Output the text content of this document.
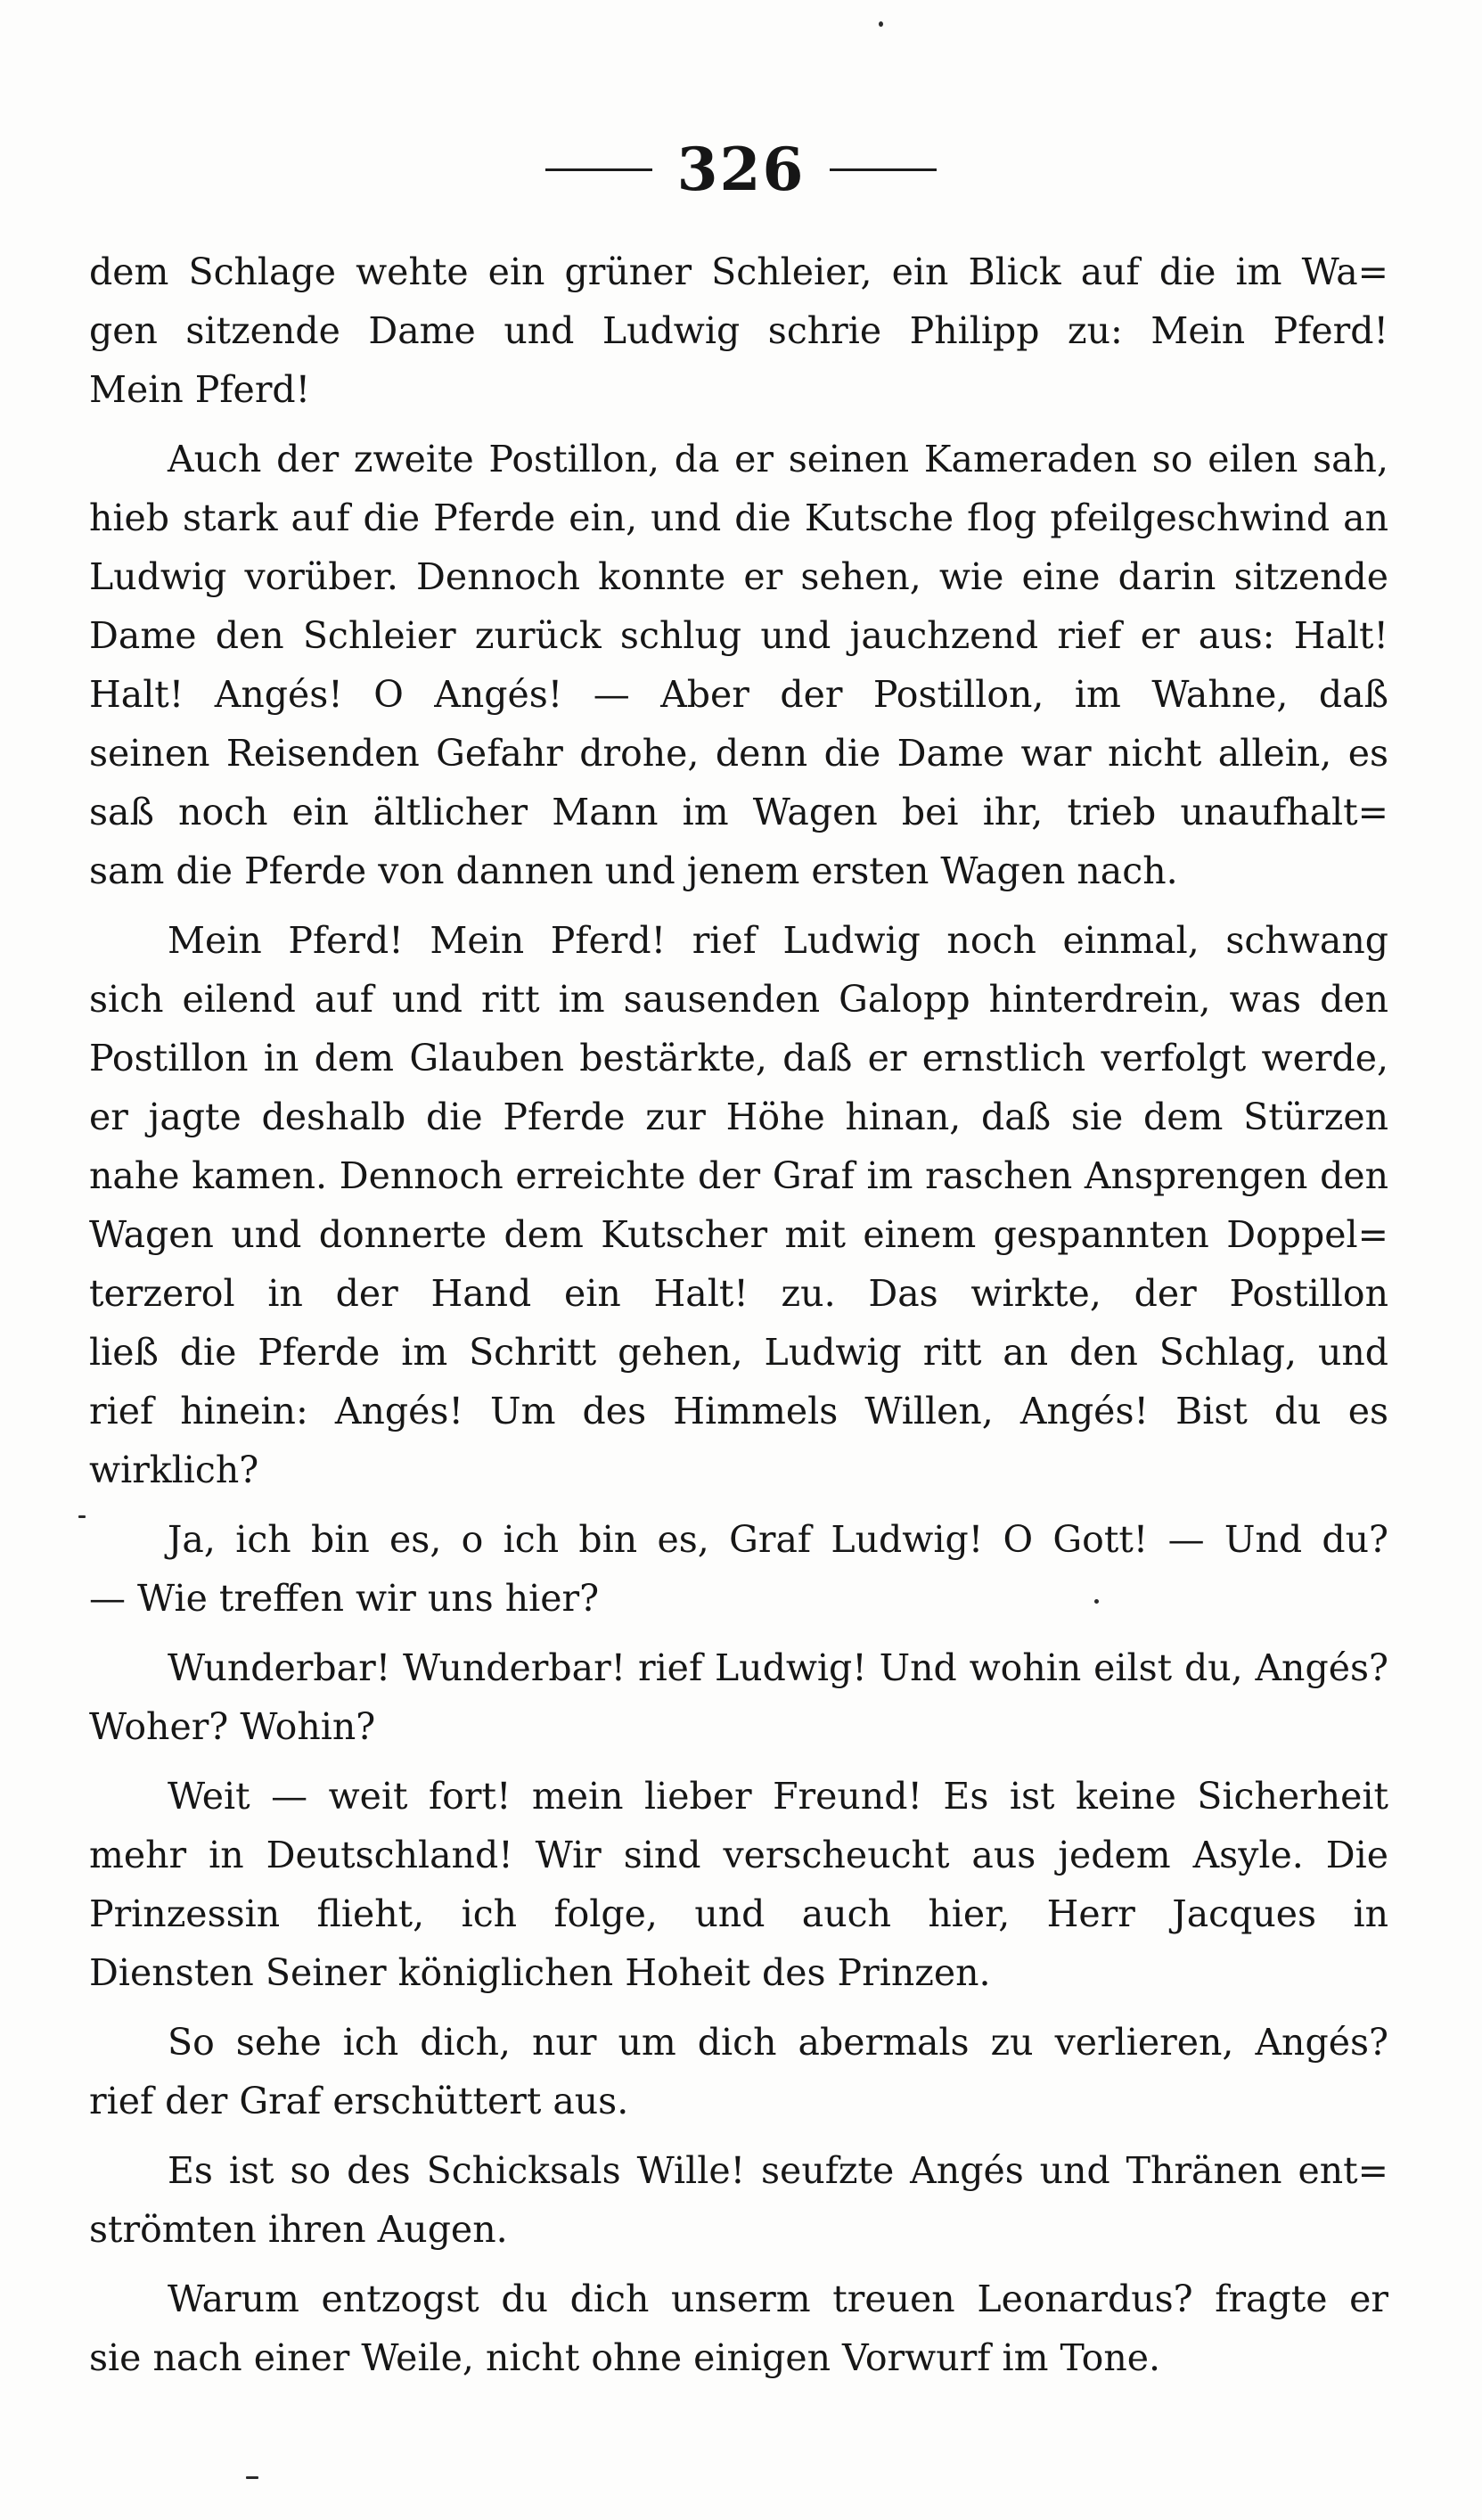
326
dem Schlage wehte ein grüner Schleier, ein Blick auf die im Wa=
gen sitzende Dame und Ludwig schrie Philipp zu: Mein Pferd!
Mein Pferd!
Auch der zweite Postillon, da er seinen Kameraden so eilen sah,
hieb stark auf die Pferde ein, und die Kutsche flog pfeilgeschwind an
Ludwig vorüber. Dennoch konnte er sehen, wie eine darin sitzende
Dame den Schleier zurück schlug und jauchzend rief er aus: Halt!
Halt! Angés! O Angés! — Aber der Postillon, im Wahne, daß
seinen Reisenden Gefahr drohe, denn die Dame war nicht allein, es
saß noch ein ältlicher Mann im Wagen bei ihr, trieb unaufhalt=
sam die Pferde von dannen und jenem ersten Wagen nach.
Mein Pferd! Mein Pferd! rief Ludwig noch einmal, schwang
sich eilend auf und ritt im sausenden Galopp hinterdrein, was den
Postillon in dem Glauben bestärkte, daß er ernstlich verfolgt werde,
er jagte deshalb die Pferde zur Höhe hinan, daß sie dem Stürzen
nahe kamen. Dennoch erreichte der Graf im raschen Ansprengen den
Wagen und donnerte dem Kutscher mit einem gespannten Doppel=
terzerol in der Hand ein Halt! zu. Das wirkte, der Postillon
ließ die Pferde im Schritt gehen, Ludwig ritt an den Schlag, und
rief hinein: Angés! Um des Himmels Willen, Angés! Bist du es
wirklich?
Ja, ich bin es, o ich bin es, Graf Ludwig! O Gott! — Und du?
— Wie treffen wir uns hier?
Wunderbar! Wunderbar! rief Ludwig! Und wohin eilst du, Angés?
Woher? Wohin?
Weit — weit fort! mein lieber Freund! Es ist keine Sicherheit
mehr in Deutschland! Wir sind verscheucht aus jedem Asyle. Die
Prinzessin flieht, ich folge, und auch hier, Herr Jacques in
Diensten Seiner königlichen Hoheit des Prinzen.
So sehe ich dich, nur um dich abermals zu verlieren, Angés?
rief der Graf erschüttert aus.
Es ist so des Schicksals Wille! seufzte Angés und Thränen ent=
strömten ihren Augen.
Warum entzogst du dich unserm treuen Leonardus? fragte er
sie nach einer Weile, nicht ohne einigen Vorwurf im Tone.
